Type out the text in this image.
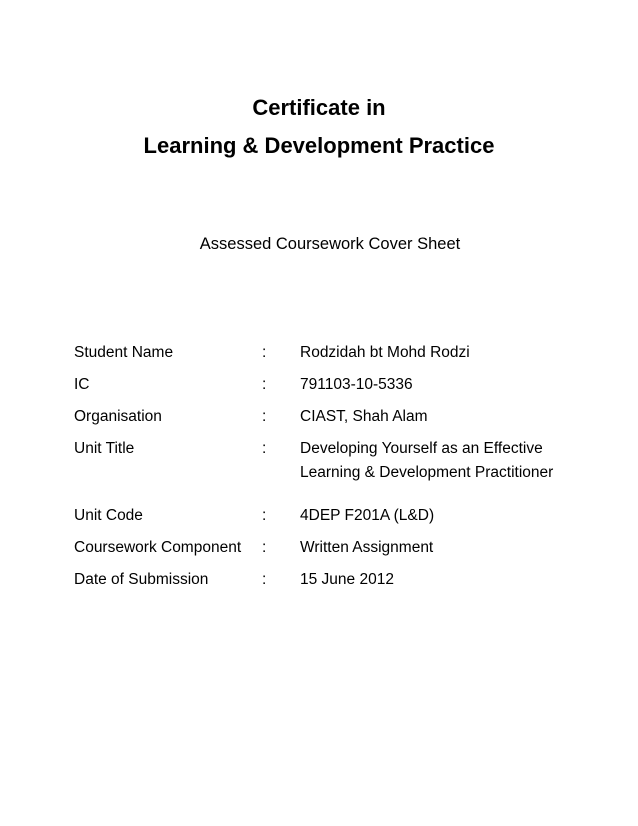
Certificate in
Learning & Development Practice
Assessed Coursework Cover Sheet
Student Name	: Rodzidah bt Mohd Rodzi
IC	: 791103-10-5336
Organisation	: CIAST, Shah Alam
Unit Title	: Developing Yourself as an Effective
Learning & Development Practitioner
Unit Code	: 4DEP F201A (L&D)
Coursework Component : Written Assignment
Date of Submission	: 15 June 2012
